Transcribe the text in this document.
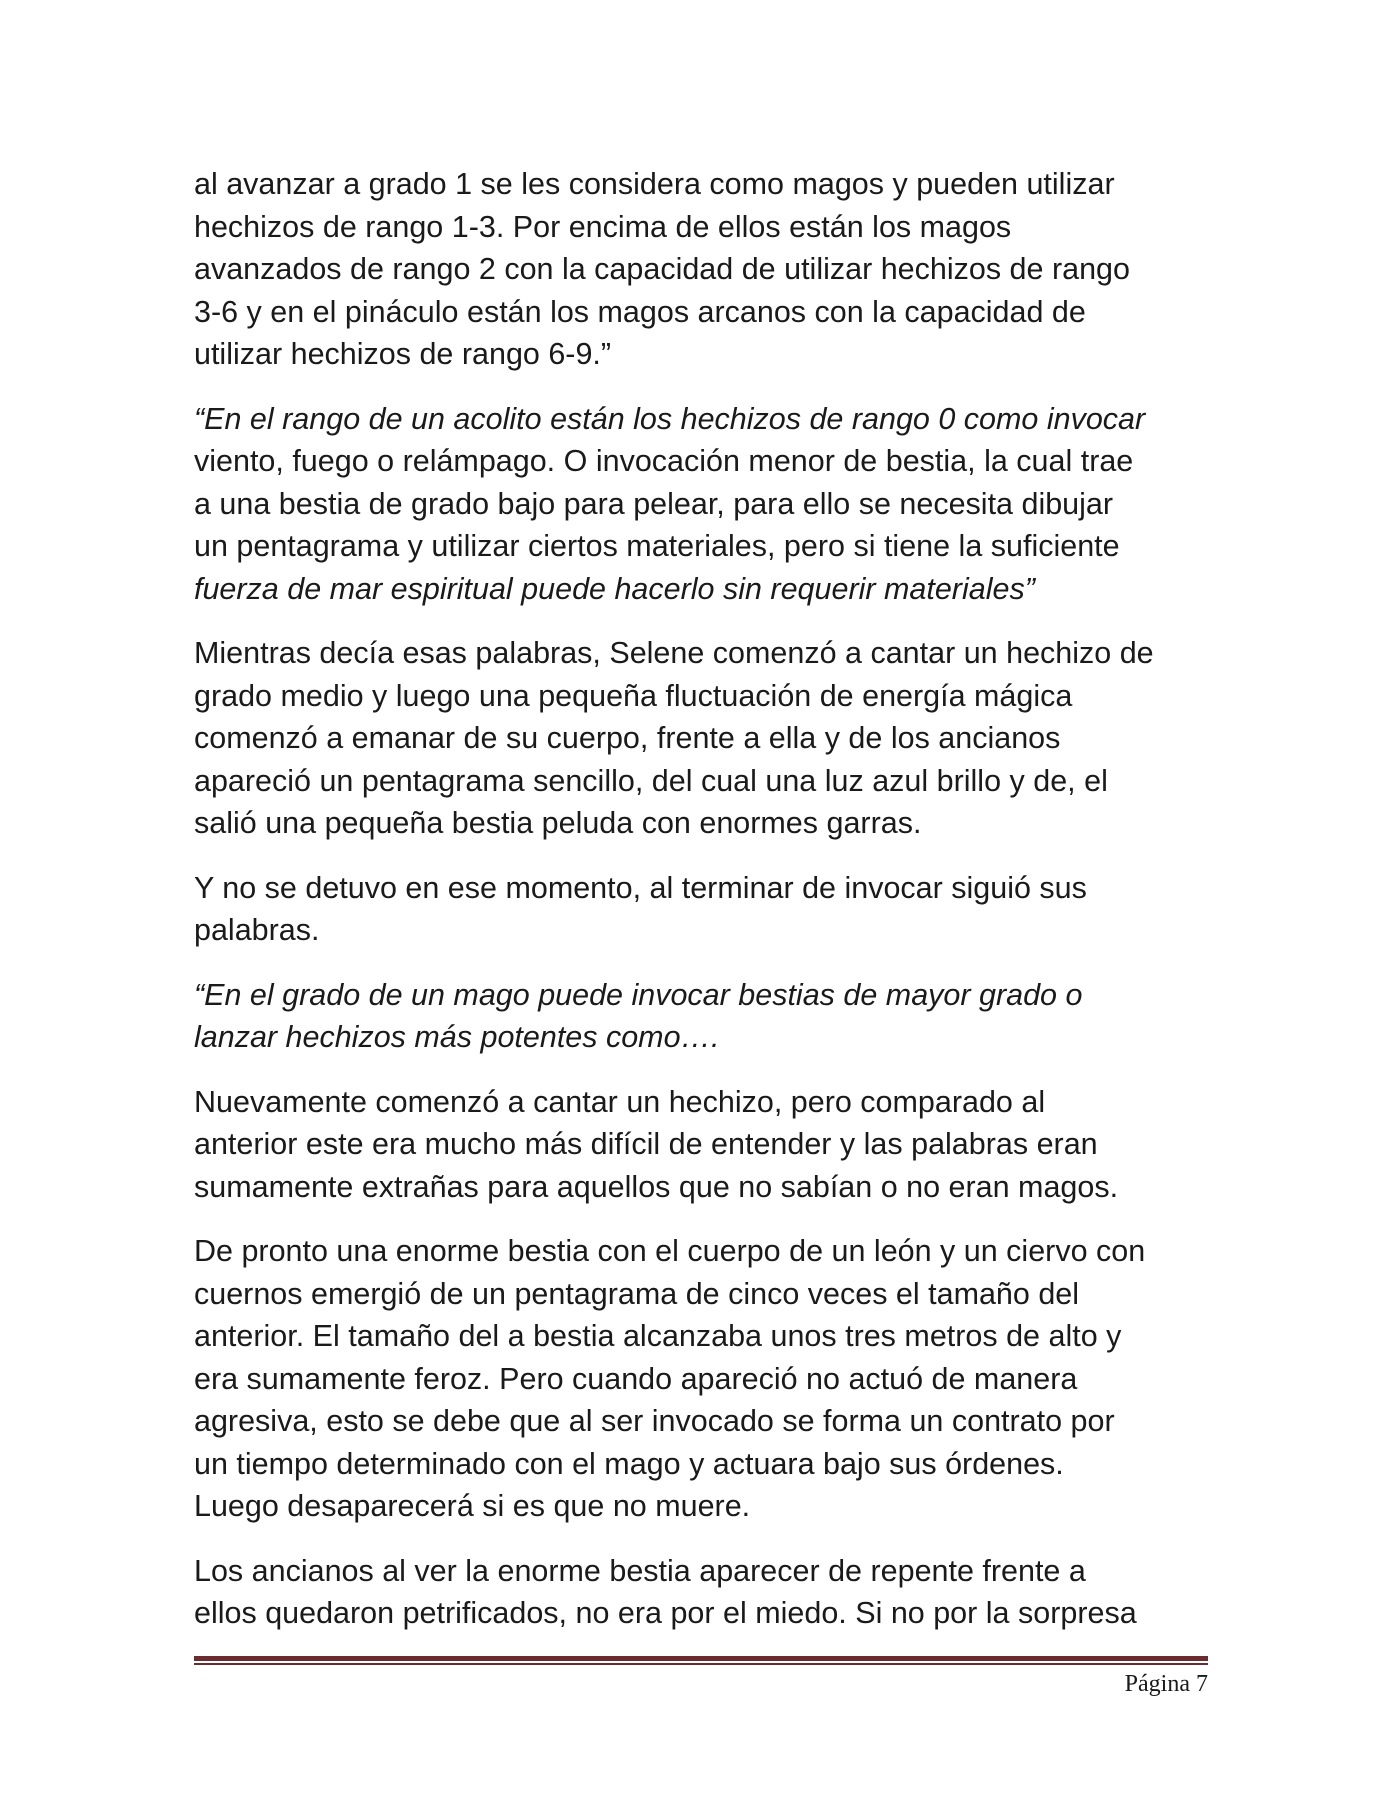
al avanzar a grado 1 se les considera como magos y pueden utilizar
hechizos de rango 1-3. Por encima de ellos están los magos
avanzados de rango 2 con la capacidad de utilizar hechizos de rango
3-6 y en el pináculo están los magos arcanos con la capacidad de
utilizar hechizos de rango 6-9.”

“En el rango de un acolito están los hechizos de rango 0 como invocar
viento, fuego o relámpago. O invocación menor de bestia, la cual trae
a una bestia de grado bajo para pelear, para ello se necesita dibujar
un pentagrama y utilizar ciertos materiales, pero si tiene la suficiente
fuerza de mar espiritual puede hacerlo sin requerir materiales”

Mientras decía esas palabras, Selene comenzó a cantar un hechizo de
grado medio y luego una pequeña fluctuación de energía mágica
comenzó a emanar de su cuerpo, frente a ella y de los ancianos
apareció un pentagrama sencillo, del cual una luz azul brillo y de, el
salió una pequeña bestia peluda con enormes garras.

Y no se detuvo en ese momento, al terminar de invocar siguió sus
palabras.

“En el grado de un mago puede invocar bestias de mayor grado o
lanzar hechizos más potentes como….

Nuevamente comenzó a cantar un hechizo, pero comparado al
anterior este era mucho más difícil de entender y las palabras eran
sumamente extrañas para aquellos que no sabían o no eran magos.

De pronto una enorme bestia con el cuerpo de un león y un ciervo con
cuernos emergió de un pentagrama de cinco veces el tamaño del
anterior. El tamaño del a bestia alcanzaba unos tres metros de alto y
era sumamente feroz. Pero cuando apareció no actuó de manera
agresiva, esto se debe que al ser invocado se forma un contrato por
un tiempo determinado con el mago y actuara bajo sus órdenes.
Luego desaparecerá si es que no muere.

Los ancianos al ver la enorme bestia aparecer de repente frente a
ellos quedaron petrificados, no era por el miedo. Si no por la sorpresa

Página 7
